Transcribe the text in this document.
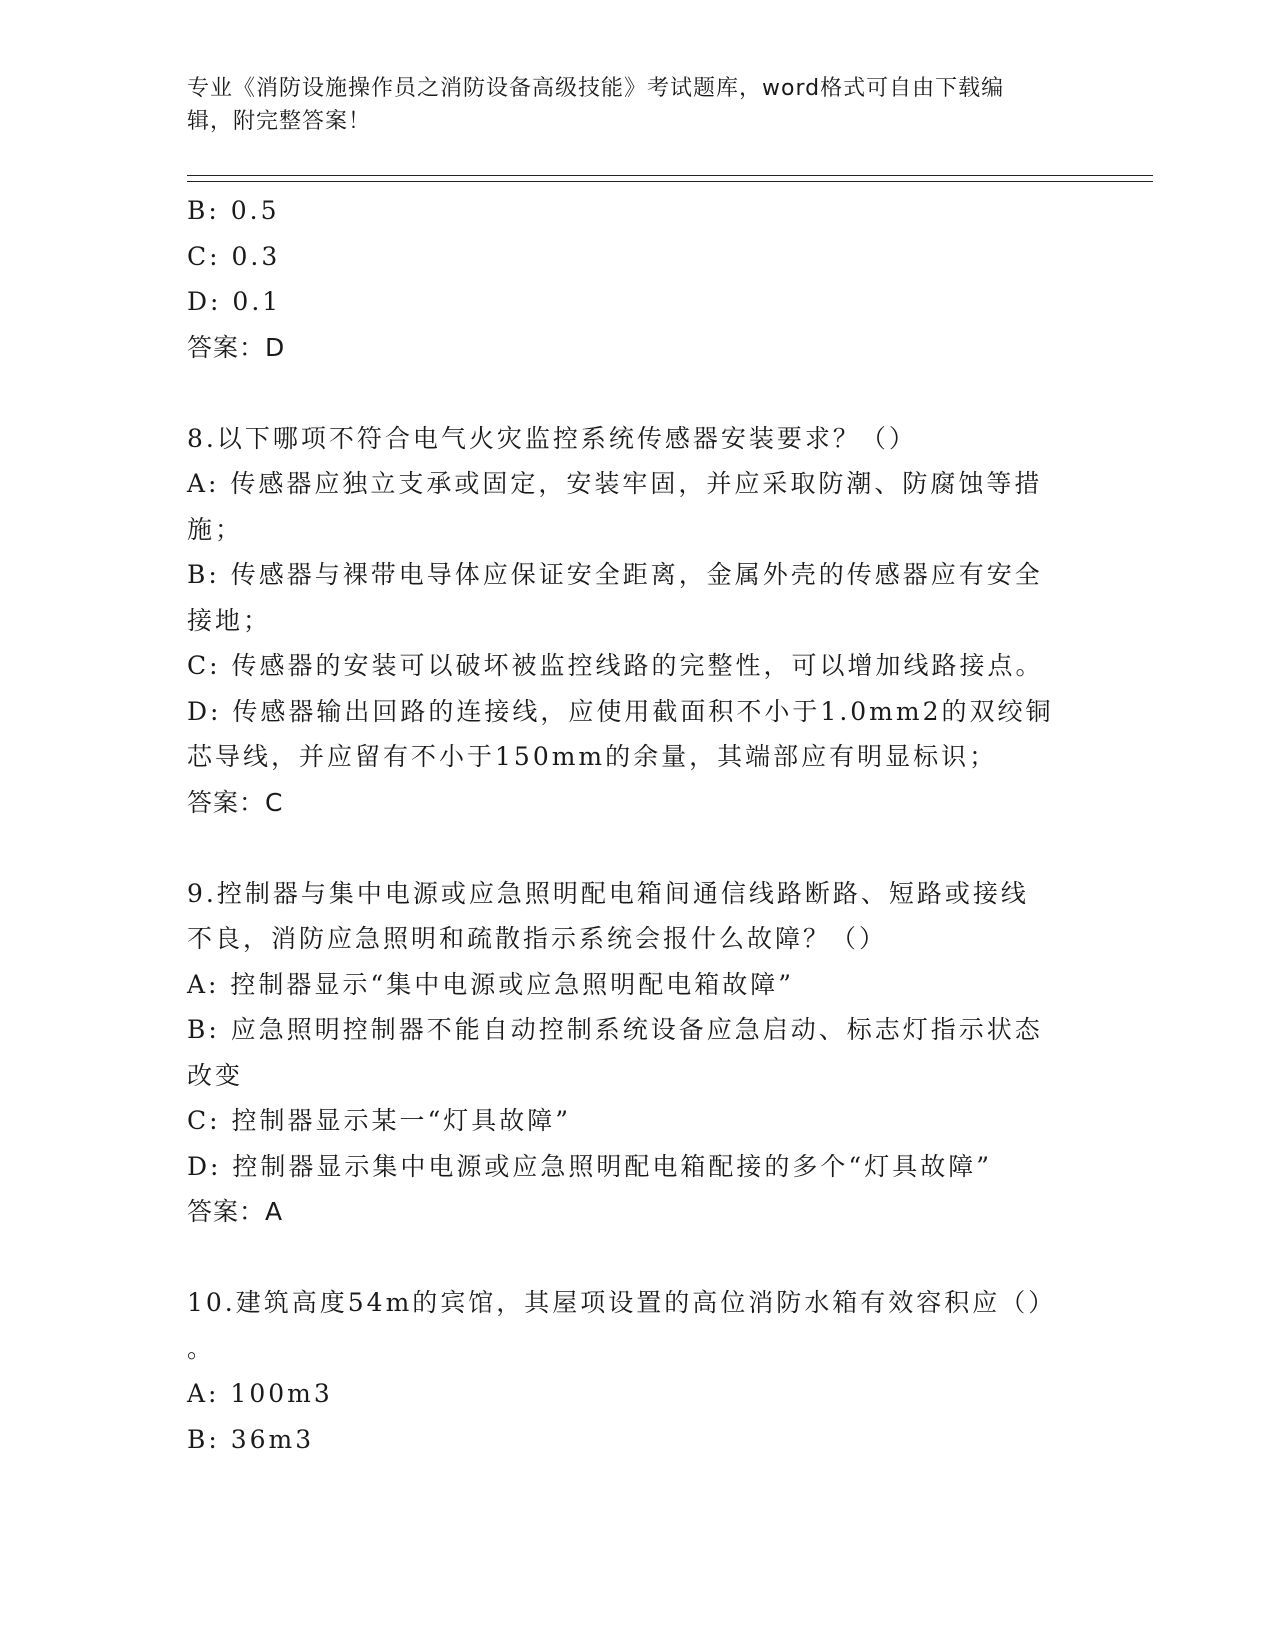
专业《消防设施操作员之消防设备高级技能》考试题库，word格式可自由下载编
辑，附完整答案！
B: 0.5
C: 0.3
D: 0.1
答案：D
8.以下哪项不符合电气火灾监控系统传感器安装要求？（）
A: 传感器应独立支承或固定，安装牢固，并应采取防潮、防腐蚀等措
施；
B: 传感器与裸带电导体应保证安全距离，金属外壳的传感器应有安全
接地；
C: 传感器的安装可以破坏被监控线路的完整性，可以增加线路接点。
D: 传感器输出回路的连接线，应使用截面积不小于1.0mm2的双绞铜
芯导线，并应留有不小于150mm的余量，其端部应有明显标识；
答案：C
9.控制器与集中电源或应急照明配电箱间通信线路断路、短路或接线
不良，消防应急照明和疏散指示系统会报什么故障？（）
A: 控制器显示“集中电源或应急照明配电箱故障”
B: 应急照明控制器不能自动控制系统设备应急启动、标志灯指示状态
改变
C: 控制器显示某一“灯具故障”
D: 控制器显示集中电源或应急照明配电箱配接的多个“灯具故障”
答案：A
10.建筑高度54m的宾馆，其屋项设置的高位消防水箱有效容积应（）
。
A: 100m3
B: 36m3
